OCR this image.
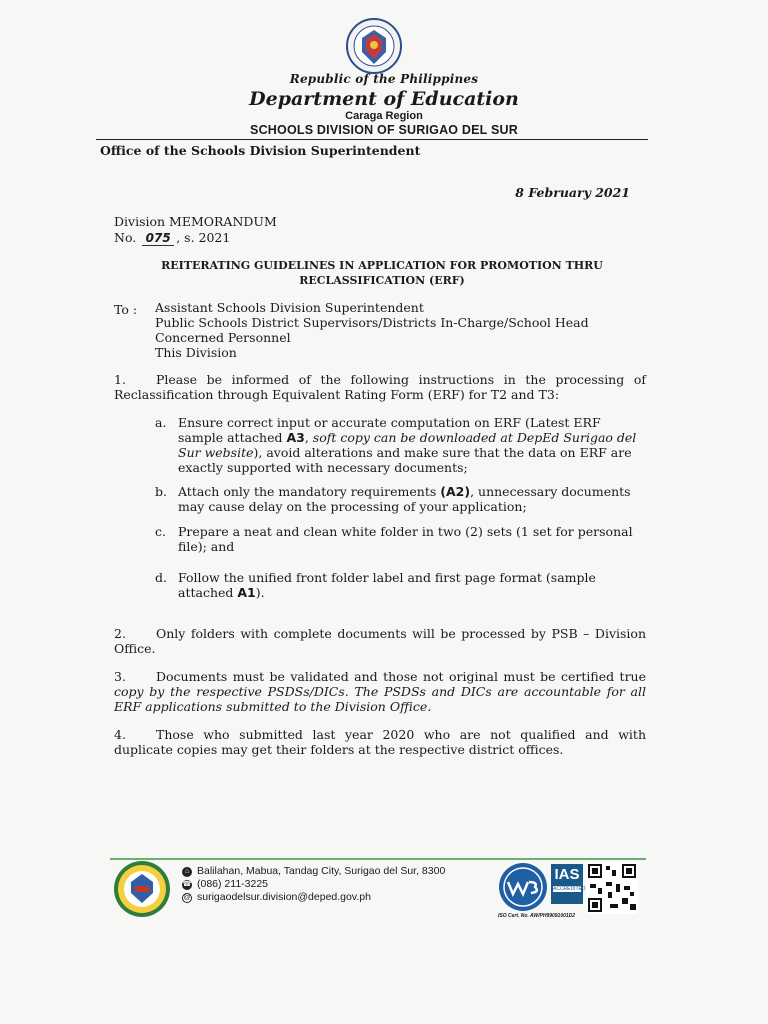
Republic of the Philippines
Department of Education
Caraga Region
SCHOOLS DIVISION OF SURIGAO DEL SUR
Office of the Schools Division Superintendent
8 February 2021
Division MEMORANDUM
No. 075 , s. 2021
REITERATING GUIDELINES IN APPLICATION FOR PROMOTION THRU
RECLASSIFICATION (ERF)
To : Assistant Schools Division Superintendent
Public Schools District Supervisors/Districts In-Charge/School Head
Concerned Personnel
This Division
1. Please be informed of the following instructions in the processing of Reclassification through Equivalent Rating Form (ERF) for T2 and T3:
a. Ensure correct input or accurate computation on ERF (Latest ERF sample attached A3, soft copy can be downloaded at DepEd Surigao del Sur website), avoid alterations and make sure that the data on ERF are exactly supported with necessary documents;
b. Attach only the mandatory requirements (A2), unnecessary documents may cause delay on the processing of your application;
c. Prepare a neat and clean white folder in two (2) sets (1 set for personal file); and
d. Follow the unified front folder label and first page format (sample attached A1).
2. Only folders with complete documents will be processed by PSB – Division Office.
3. Documents must be validated and those not original must be certified true copy by the respective PSDSs/DICs. The PSDSs and DICs are accountable for all ERF applications submitted to the Division Office.
4. Those who submitted last year 2020 who are not qualified and with duplicate copies may get their folders at the respective district offices.
⌂ Balilahan, Mabua, Tandag City, Surigao del Sur, 8300
☎ (086) 211-3225
@ surigaodelsur.division@deped.gov.ph
IAS
ACCREDITED
ISO Cert. No. AW/PH99091001D2
